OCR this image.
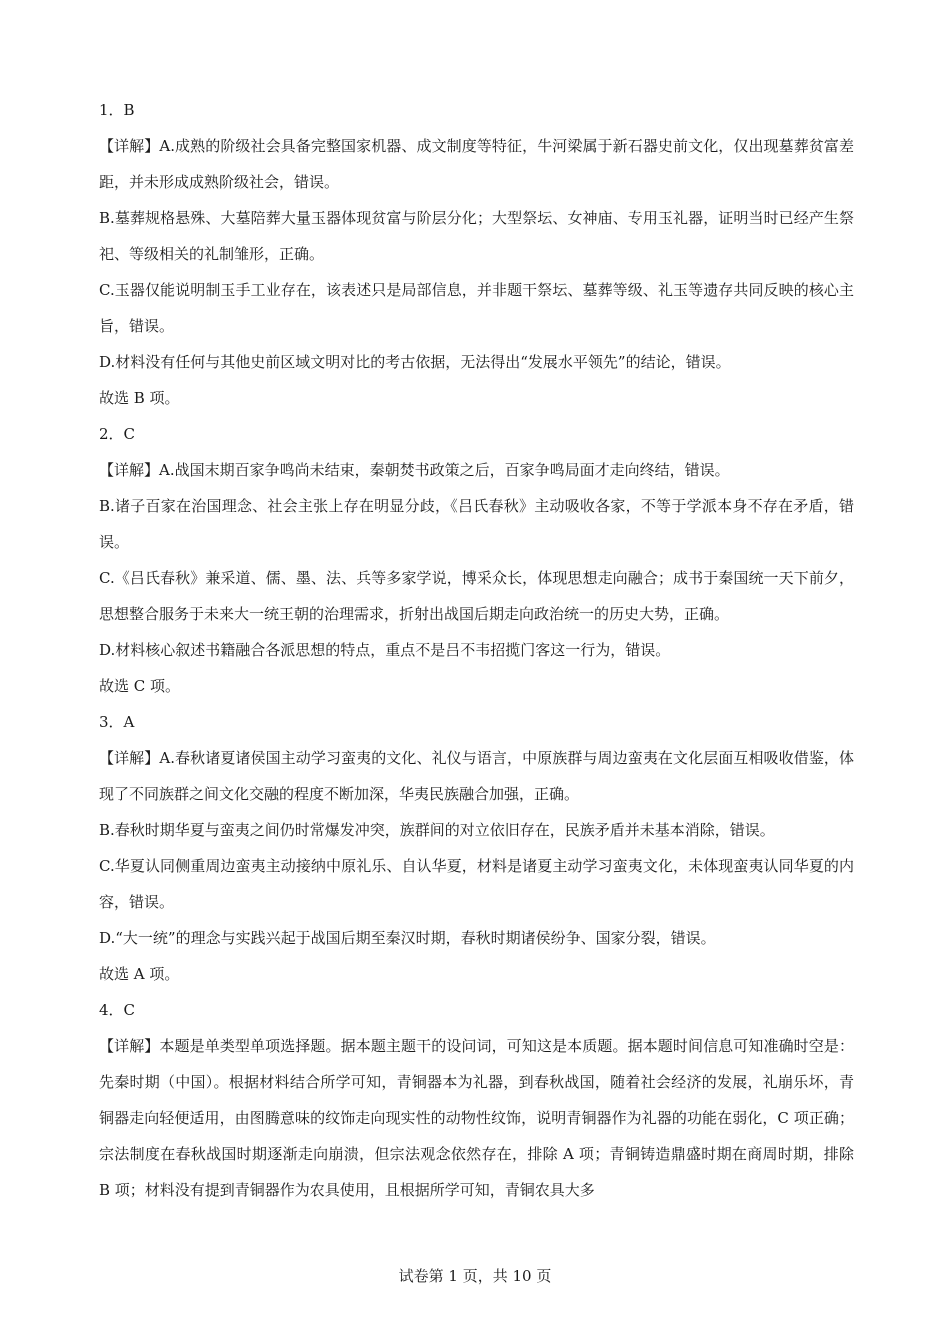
1．B

【详解】A.成熟的阶级社会具备完整国家机器、成文制度等特征，牛河梁属于新石器史前文化，仅出现墓葬贫富差距，并未形成成熟阶级社会，错误。

B.墓葬规格悬殊、大墓陪葬大量玉器体现贫富与阶层分化；大型祭坛、女神庙、专用玉礼器，证明当时已经产生祭祀、等级相关的礼制雏形，正确。

C.玉器仅能说明制玉手工业存在，该表述只是局部信息，并非题干祭坛、墓葬等级、礼玉等遗存共同反映的核心主旨，错误。

D.材料没有任何与其他史前区域文明对比的考古依据，无法得出“发展水平领先”的结论，错误。

故选 B 项。

2．C

【详解】A.战国末期百家争鸣尚未结束，秦朝焚书政策之后，百家争鸣局面才走向终结，错误。

B.诸子百家在治国理念、社会主张上存在明显分歧，《吕氏春秋》主动吸收各家，不等于学派本身不存在矛盾，错误。

C.《吕氏春秋》兼采道、儒、墨、法、兵等多家学说，博采众长，体现思想走向融合；成书于秦国统一天下前夕，思想整合服务于未来大一统王朝的治理需求，折射出战国后期走向政治统一的历史大势，正确。

D.材料核心叙述书籍融合各派思想的特点，重点不是吕不韦招揽门客这一行为，错误。

故选 C 项。

3．A

【详解】A.春秋诸夏诸侯国主动学习蛮夷的文化、礼仪与语言，中原族群与周边蛮夷在文化层面互相吸收借鉴，体现了不同族群之间文化交融的程度不断加深，华夷民族融合加强，正确。

B.春秋时期华夏与蛮夷之间仍时常爆发冲突，族群间的对立依旧存在，民族矛盾并未基本消除，错误。

C.华夏认同侧重周边蛮夷主动接纳中原礼乐、自认华夏，材料是诸夏主动学习蛮夷文化，未体现蛮夷认同华夏的内容，错误。

D.“大一统”的理念与实践兴起于战国后期至秦汉时期，春秋时期诸侯纷争、国家分裂，错误。

故选 A 项。

4．C

【详解】本题是单类型单项选择题。据本题主题干的设问词，可知这是本质题。据本题时间信息可知准确时空是：先秦时期（中国）。根据材料结合所学可知，青铜器本为礼器，到春秋战国，随着社会经济的发展，礼崩乐坏，青铜器走向轻便适用，由图腾意味的纹饰走向现实性的动物性纹饰，说明青铜器作为礼器的功能在弱化，C 项正确；宗法制度在春秋战国时期逐渐走向崩溃，但宗法观念依然存在，排除 A 项；青铜铸造鼎盛时期在商周时期，排除 B 项；材料没有提到青铜器作为农具使用，且根据所学可知，青铜农具大多

试卷第 1 页，共 10 页
